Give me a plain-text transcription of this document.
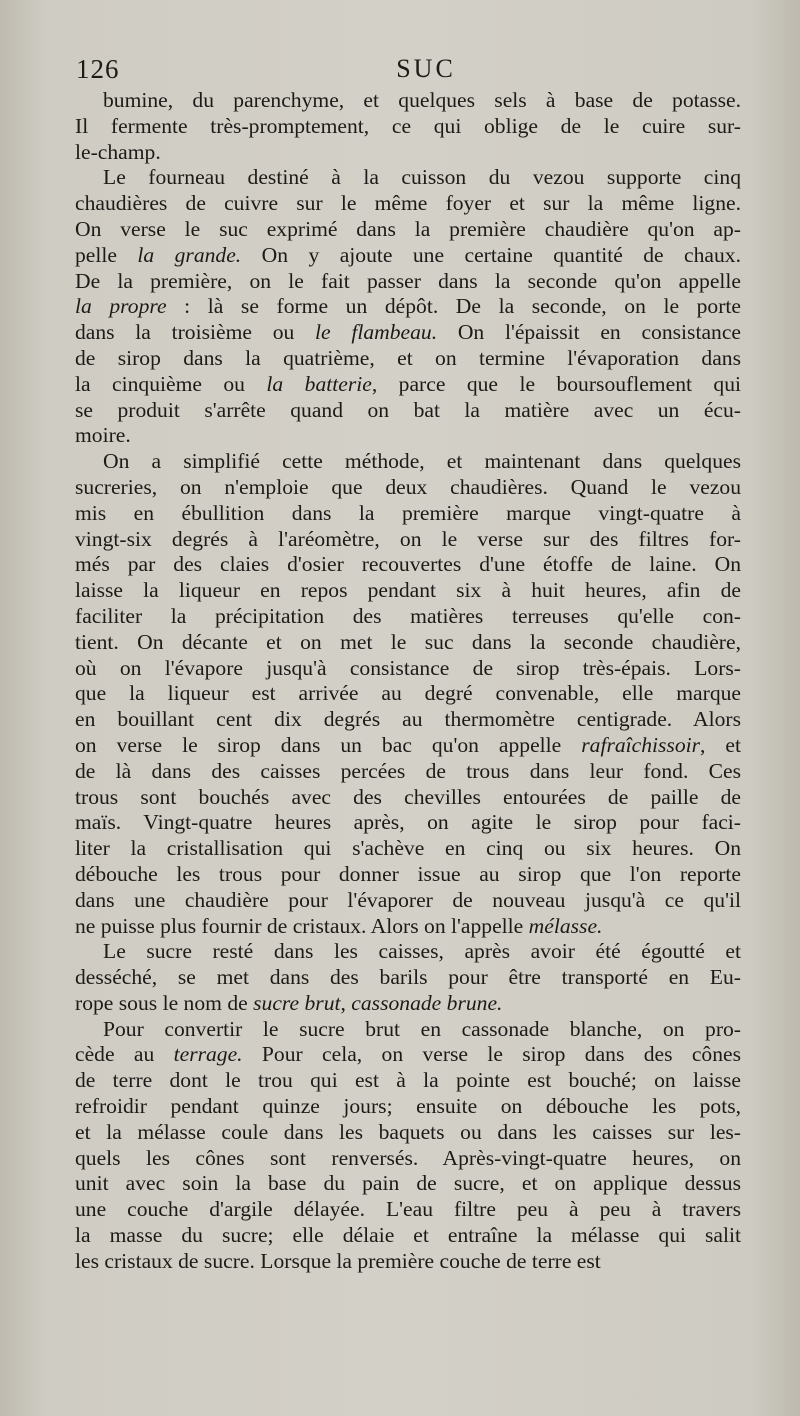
126	SUC
bumine, du parenchyme, et quelques sels à base de potasse.
Il fermente très-promptement, ce qui oblige de le cuire sur-
le-champ.
Le fourneau destiné à la cuisson du vezou supporte cinq
chaudières de cuivre sur le même foyer et sur la même ligne.
On verse le suc exprimé dans la première chaudière qu'on ap-
pelle la grande. On y ajoute une certaine quantité de chaux.
De la première, on le fait passer dans la seconde qu'on appelle
la propre : là se forme un dépôt. De la seconde, on le porte
dans la troisième ou le flambeau. On l'épaissit en consistance
de sirop dans la quatrième, et on termine l'évaporation dans
la cinquième ou la batterie, parce que le boursouflement qui
se produit s'arrête quand on bat la matière avec un écu-
moire.
On a simplifié cette méthode, et maintenant dans quelques
sucreries, on n'emploie que deux chaudières. Quand le vezou
mis en ébullition dans la première marque vingt-quatre à
vingt-six degrés à l'aréomètre, on le verse sur des filtres for-
més par des claies d'osier recouvertes d'une étoffe de laine. On
laisse la liqueur en repos pendant six à huit heures, afin de
faciliter la précipitation des matières terreuses qu'elle con-
tient. On décante et on met le suc dans la seconde chaudière,
où on l'évapore jusqu'à consistance de sirop très-épais. Lors-
que la liqueur est arrivée au degré convenable, elle marque
en bouillant cent dix degrés au thermomètre centigrade. Alors
on verse le sirop dans un bac qu'on appelle rafraîchissoir, et
de là dans des caisses percées de trous dans leur fond. Ces
trous sont bouchés avec des chevilles entourées de paille de
maïs. Vingt-quatre heures après, on agite le sirop pour faci-
liter la cristallisation qui s'achève en cinq ou six heures. On
débouche les trous pour donner issue au sirop que l'on reporte
dans une chaudière pour l'évaporer de nouveau jusqu'à ce qu'il
ne puisse plus fournir de cristaux. Alors on l'appelle mélasse.
Le sucre resté dans les caisses, après avoir été égoutté et
desséché, se met dans des barils pour être transporté en Eu-
rope sous le nom de sucre brut, cassonade brune.
Pour convertir le sucre brut en cassonade blanche, on pro-
cède au terrage. Pour cela, on verse le sirop dans des cônes
de terre dont le trou qui est à la pointe est bouché; on laisse
refroidir pendant quinze jours; ensuite on débouche les pots,
et la mélasse coule dans les baquets ou dans les caisses sur les-
quels les cônes sont renversés. Après-vingt-quatre heures, on
unit avec soin la base du pain de sucre, et on applique dessus
une couche d'argile délayée. L'eau filtre peu à peu à travers
la masse du sucre; elle délaie et entraîne la mélasse qui salit
les cristaux de sucre. Lorsque la première couche de terre est
